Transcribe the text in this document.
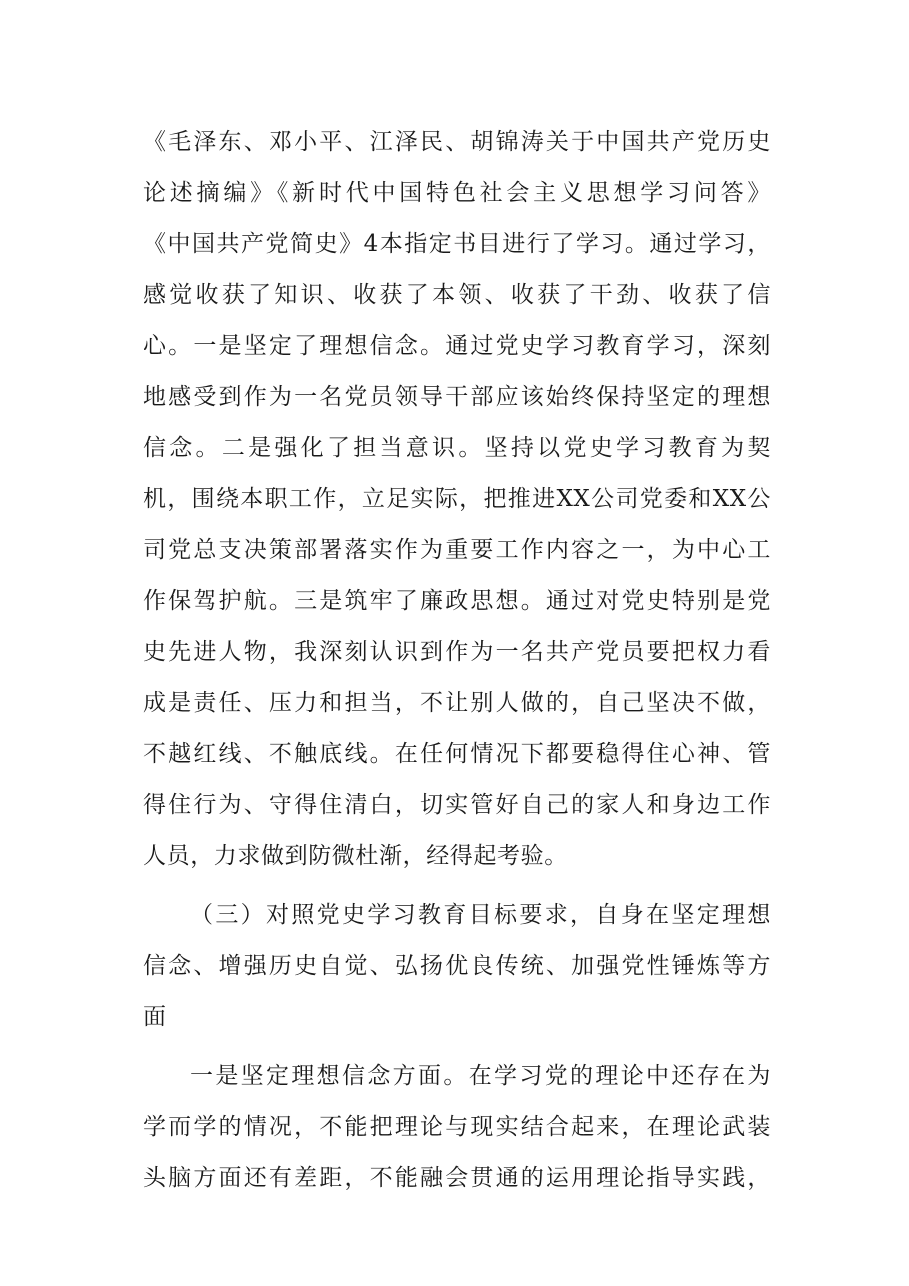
《毛泽东、邓小平、江泽民、胡锦涛关于中国共产党历史
论述摘编》《新时代中国特色社会主义思想学习问答》
《中国共产党简史》4本指定书目进行了学习。通过学习，
感觉收获了知识、收获了本领、收获了干劲、收获了信
心。一是坚定了理想信念。通过党史学习教育学习，深刻
地感受到作为一名党员领导干部应该始终保持坚定的理想
信念。二是强化了担当意识。坚持以党史学习教育为契
机，围绕本职工作，立足实际，把推进XX公司党委和XX公
司党总支决策部署落实作为重要工作内容之一，为中心工
作保驾护航。三是筑牢了廉政思想。通过对党史特别是党
史先进人物，我深刻认识到作为一名共产党员要把权力看
成是责任、压力和担当，不让别人做的，自己坚决不做，
不越红线、不触底线。在任何情况下都要稳得住心神、管
得住行为、守得住清白，切实管好自己的家人和身边工作
人员，力求做到防微杜渐，经得起考验。
（三）对照党史学习教育目标要求，自身在坚定理想
信念、增强历史自觉、弘扬优良传统、加强党性锤炼等方
面
一是坚定理想信念方面。在学习党的理论中还存在为
学而学的情况，不能把理论与现实结合起来，在理论武装
头脑方面还有差距，不能融会贯通的运用理论指导实践，
